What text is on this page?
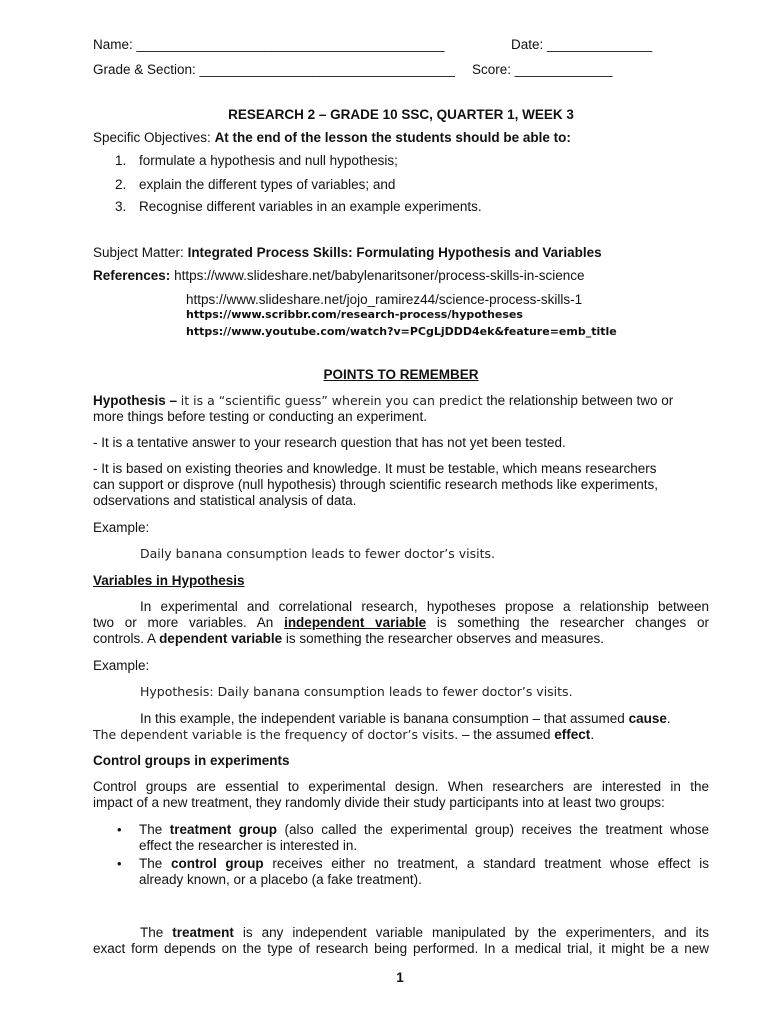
Name: _________________________________________	Date: ______________
Grade & Section: __________________________________ Score: _____________
RESEARCH 2 – GRADE 10 SSC, QUARTER 1, WEEK 3
Specific Objectives: At the end of the lesson the students should be able to:
1. formulate a hypothesis and null hypothesis;
2. explain the different types of variables; and
3. Recognise different variables in an example experiments.
Subject Matter: Integrated Process Skills: Formulating Hypothesis and Variables
References: https://www.slideshare.net/babylenaritsoner/process-skills-in-science
https://www.slideshare.net/jojo_ramirez44/science-process-skills-1
https://www.scribbr.com/research-process/hypotheses
https://www.youtube.com/watch?v=PCgLjDDD4ek&feature=emb_title
POINTS TO REMEMBER
Hypothesis – it is a “scientific guess” wherein you can predict the relationship between two or
more things before testing or conducting an experiment.
- It is a tentative answer to your research question that has not yet been tested.
- It is based on existing theories and knowledge. It must be testable, which means researchers
can support or disprove (null hypothesis) through scientific research methods like experiments,
odservations and statistical analysis of data.
Example:
Daily banana consumption leads to fewer doctor’s visits.
Variables in Hypothesis
In experimental and correlational research, hypotheses propose a relationship between
two or more variables. An independent variable is something the researcher changes or
controls. A dependent variable is something the researcher observes and measures.
Example:
Hypothesis: Daily banana consumption leads to fewer doctor’s visits.
In this example, the independent variable is banana consumption – that assumed cause.
The dependent variable is the frequency of doctor’s visits. – the assumed effect.
Control groups in experiments
Control groups are essential to experimental design. When researchers are interested in the
impact of a new treatment, they randomly divide their study participants into at least two groups:
• The treatment group (also called the experimental group) receives the treatment whose
effect the researcher is interested in.
• The control group receives either no treatment, a standard treatment whose effect is
already known, or a placebo (a fake treatment).
The treatment is any independent variable manipulated by the experimenters, and its
exact form depends on the type of research being performed. In a medical trial, it might be a new
1
